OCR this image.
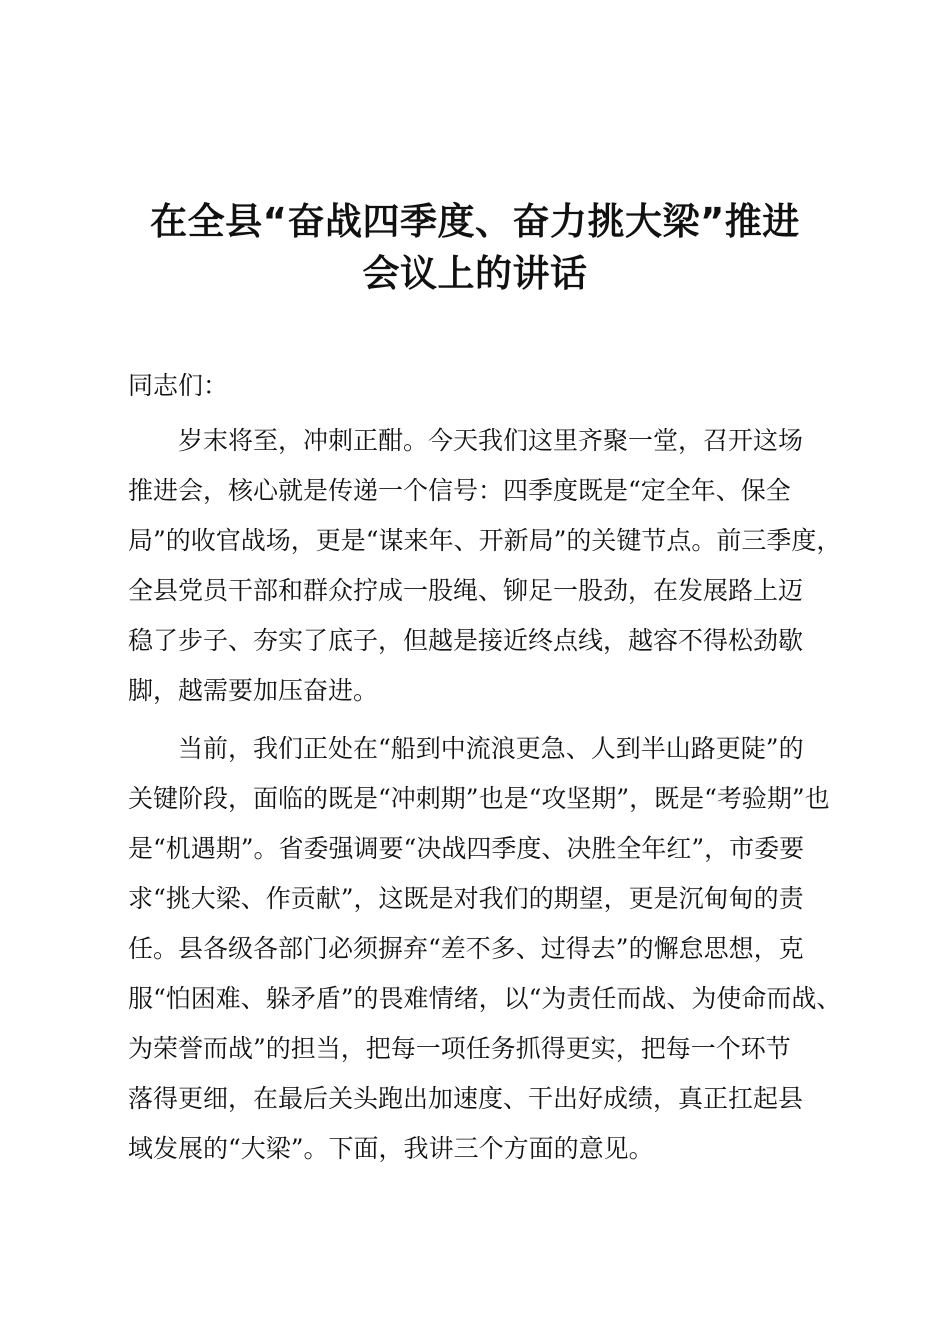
在全县“奋战四季度、奋力挑大梁”推进
会议上的讲话

同志们：

岁末将至，冲刺正酣。今天我们这里齐聚一堂，召开这场
推进会，核心就是传递一个信号：四季度既是“定全年、保全
局”的收官战场，更是“谋来年、开新局”的关键节点。前三季度，
全县党员干部和群众拧成一股绳、铆足一股劲，在发展路上迈
稳了步子、夯实了底子，但越是接近终点线，越容不得松劲歇
脚，越需要加压奋进。

当前，我们正处在“船到中流浪更急、人到半山路更陡”的
关键阶段，面临的既是“冲刺期”也是“攻坚期”，既是“考验期”也
是“机遇期”。省委强调要“决战四季度、决胜全年红”，市委要
求“挑大梁、作贡献”，这既是对我们的期望，更是沉甸甸的责
任。县各级各部门必须摒弃“差不多、过得去”的懈怠思想，克
服“怕困难、躲矛盾”的畏难情绪，以“为责任而战、为使命而战、
为荣誉而战”的担当，把每一项任务抓得更实，把每一个环节
落得更细，在最后关头跑出加速度、干出好成绩，真正扛起县
域发展的“大梁”。下面，我讲三个方面的意见。
